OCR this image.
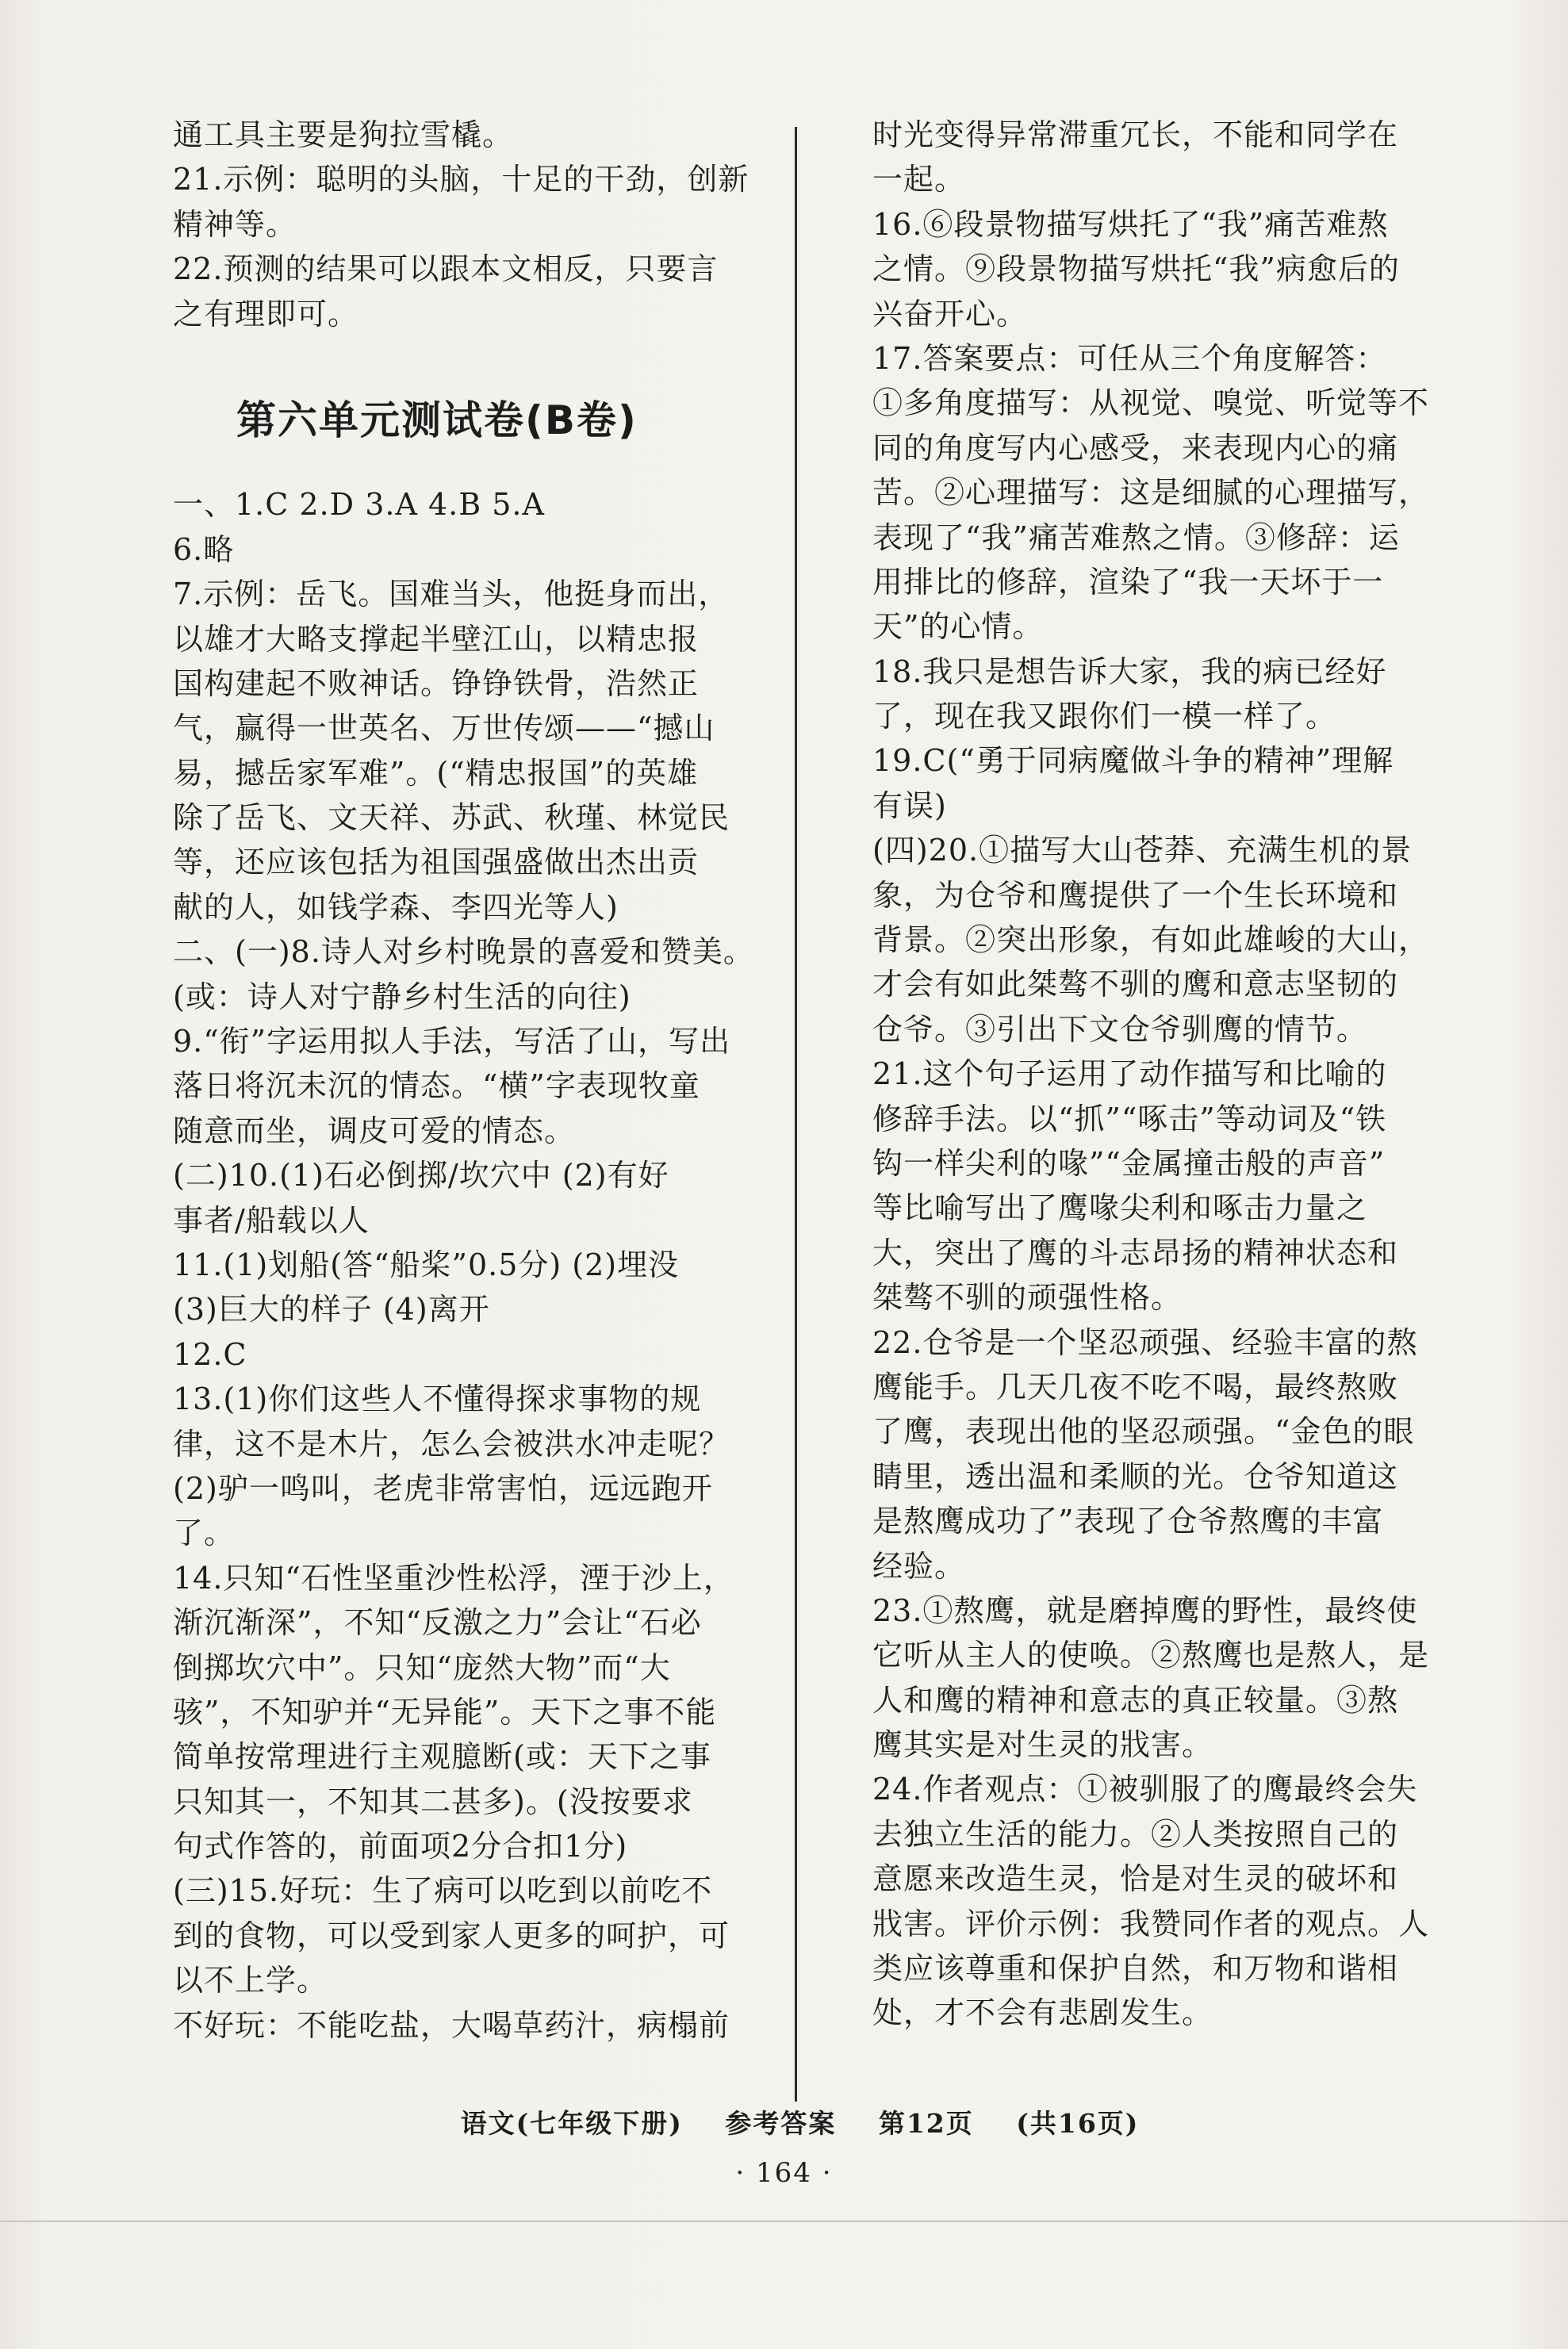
通工具主要是狗拉雪橇。
21.示例：聪明的头脑，十足的干劲，创新
精神等。
22.预测的结果可以跟本文相反，只要言
之有理即可。
第六单元测试卷(B卷)
一、1.C 2.D 3.A 4.B 5.A
6.略
7.示例：岳飞。国难当头，他挺身而出，
以雄才大略支撑起半壁江山，以精忠报
国构建起不败神话。铮铮铁骨，浩然正
气，赢得一世英名、万世传颂——“撼山
易，撼岳家军难”。(“精忠报国”的英雄
除了岳飞、文天祥、苏武、秋瑾、林觉民
等，还应该包括为祖国强盛做出杰出贡
献的人，如钱学森、李四光等人)
二、(一)8.诗人对乡村晚景的喜爱和赞美。
(或：诗人对宁静乡村生活的向往)
9.“衔”字运用拟人手法，写活了山，写出
落日将沉未沉的情态。“横”字表现牧童
随意而坐，调皮可爱的情态。
(二)10.(1)石必倒掷/坎穴中 (2)有好
事者/船载以人
11.(1)划船(答“船桨”0.5分) (2)埋没
(3)巨大的样子 (4)离开
12.C
13.(1)你们这些人不懂得探求事物的规
律，这不是木片，怎么会被洪水冲走呢？
(2)驴一鸣叫，老虎非常害怕，远远跑开
了。
14.只知“石性坚重沙性松浮，湮于沙上，
渐沉渐深”，不知“反激之力”会让“石必
倒掷坎穴中”。只知“庞然大物”而“大
骇”，不知驴并“无异能”。天下之事不能
简单按常理进行主观臆断(或：天下之事
只知其一，不知其二甚多)。(没按要求
句式作答的，前面项2分合扣1分)
(三)15.好玩：生了病可以吃到以前吃不
到的食物，可以受到家人更多的呵护，可
以不上学。
不好玩：不能吃盐，大喝草药汁，病榻前
时光变得异常滞重冗长，不能和同学在
一起。
16.⑥段景物描写烘托了“我”痛苦难熬
之情。⑨段景物描写烘托“我”病愈后的
兴奋开心。
17.答案要点：可任从三个角度解答：
①多角度描写：从视觉、嗅觉、听觉等不
同的角度写内心感受，来表现内心的痛
苦。②心理描写：这是细腻的心理描写，
表现了“我”痛苦难熬之情。③修辞：运
用排比的修辞，渲染了“我一天坏于一
天”的心情。
18.我只是想告诉大家，我的病已经好
了，现在我又跟你们一模一样了。
19.C(“勇于同病魔做斗争的精神”理解
有误)
(四)20.①描写大山苍莽、充满生机的景
象，为仓爷和鹰提供了一个生长环境和
背景。②突出形象，有如此雄峻的大山，
才会有如此桀骜不驯的鹰和意志坚韧的
仓爷。③引出下文仓爷驯鹰的情节。
21.这个句子运用了动作描写和比喻的
修辞手法。以“抓”“啄击”等动词及“铁
钩一样尖利的喙”“金属撞击般的声音”
等比喻写出了鹰喙尖利和啄击力量之
大，突出了鹰的斗志昂扬的精神状态和
桀骜不驯的顽强性格。
22.仓爷是一个坚忍顽强、经验丰富的熬
鹰能手。几天几夜不吃不喝，最终熬败
了鹰，表现出他的坚忍顽强。“金色的眼
睛里，透出温和柔顺的光。仓爷知道这
是熬鹰成功了”表现了仓爷熬鹰的丰富
经验。
23.①熬鹰，就是磨掉鹰的野性，最终使
它听从主人的使唤。②熬鹰也是熬人，是
人和鹰的精神和意志的真正较量。③熬
鹰其实是对生灵的戕害。
24.作者观点：①被驯服了的鹰最终会失
去独立生活的能力。②人类按照自己的
意愿来改造生灵，恰是对生灵的破坏和
戕害。评价示例：我赞同作者的观点。人
类应该尊重和保护自然，和万物和谐相
处，才不会有悲剧发生。
语文(七年级下册) 参考答案 第12页 (共16页)
· 164 ·
